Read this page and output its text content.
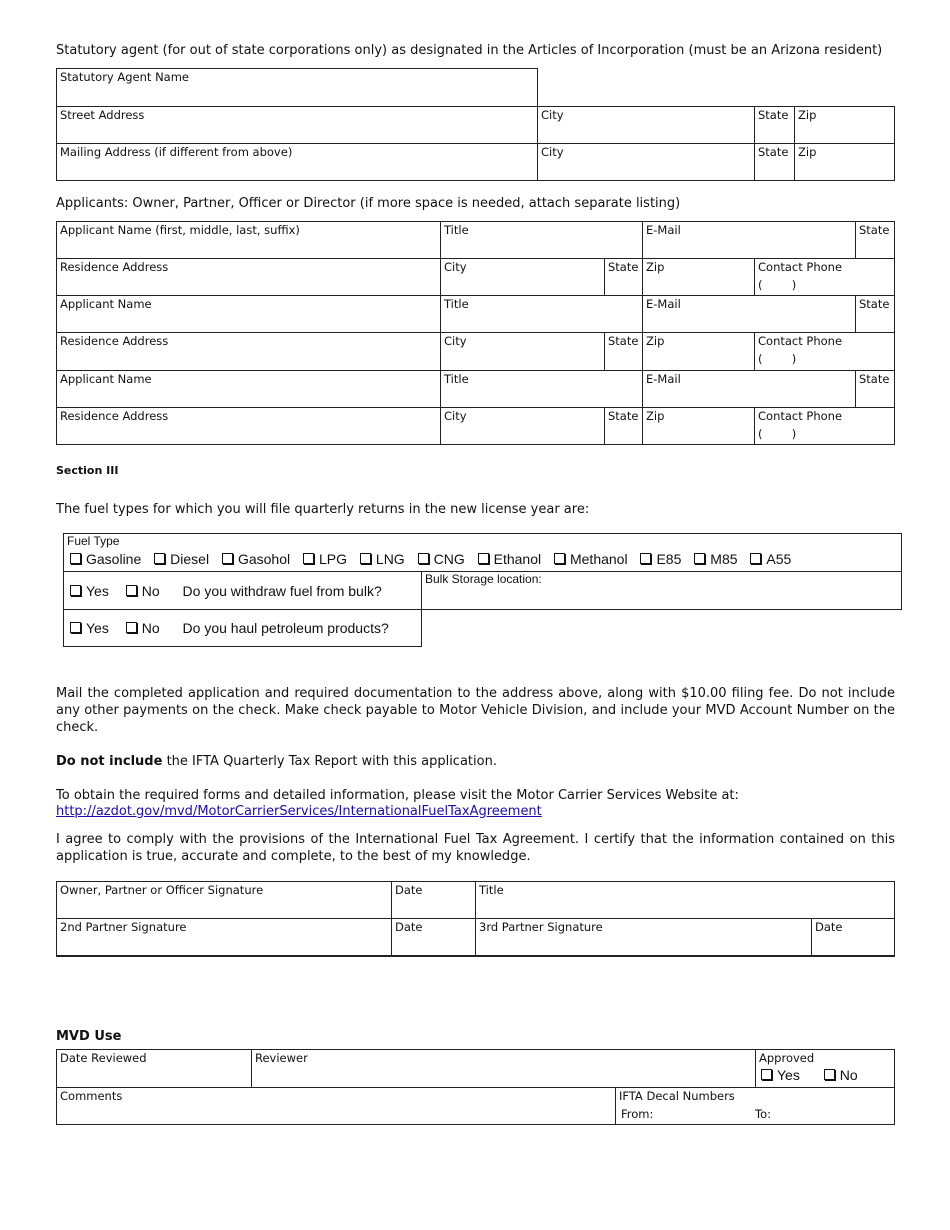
Statutory agent (for out of state corporations only) as designated in the Articles of Incorporation (must be an Arizona resident)
Statutory Agent Name
Street Address	City	State Zip
Mailing Address (if different from above)	City	State Zip
Applicants: Owner, Partner, Officer or Director (if more space is needed, attach separate listing)
Applicant Name (first, middle, last, suffix)	Title	E-Mail	State
Residence Address	City	State Zip	Contact Phone
(        )
Applicant Name	Title	E-Mail	State
Residence Address	City	State Zip	Contact Phone
(        )
Applicant Name	Title	E-Mail	State
Residence Address	City	State Zip	Contact Phone
(        )
Section III
The fuel types for which you will file quarterly returns in the new license year are:
Fuel Type
Gasoline Diesel Gasohol LPG LNG CNG Ethanol Methanol E85 M85 A55
Yes No Do you withdraw fuel from bulk?
Bulk Storage location:
Yes No Do you haul petroleum products?
Mail the completed application and required documentation to the address above, along with $10.00 filing fee. Do not include any other payments on the check. Make check payable to Motor Vehicle Division, and include your MVD Account Number on the check.
Do not include the IFTA Quarterly Tax Report with this application.
To obtain the required forms and detailed information, please visit the Motor Carrier Services Website at:
http://azdot.gov/mvd/MotorCarrierServices/InternationalFuelTaxAgreement
I agree to comply with the provisions of the International Fuel Tax Agreement. I certify that the information contained on this application is true, accurate and complete, to the best of my knowledge.
Owner, Partner or Officer Signature	Date	Title
2nd Partner Signature	Date	3rd Partner Signature	Date
MVD Use
Date Reviewed	Reviewer	Approved
Yes	No
Comments	IFTA Decal Numbers
From:	To:
